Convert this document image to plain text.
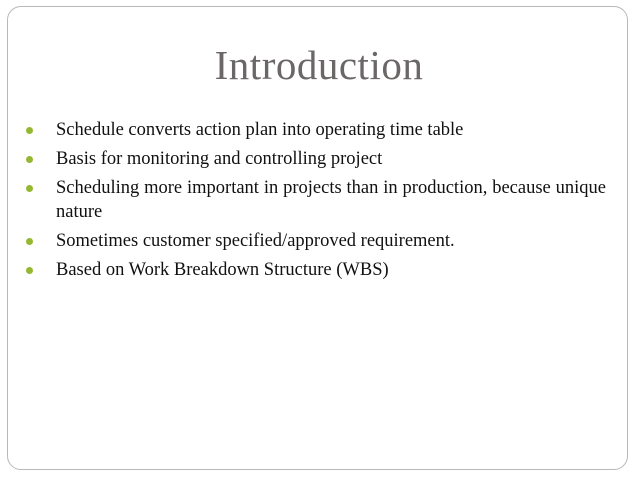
Introduction
Schedule converts action plan into operating time table
Basis for monitoring and controlling project
Scheduling more important in projects than in production, because unique nature
Sometimes customer specified/approved requirement.
Based on Work Breakdown Structure (WBS)
